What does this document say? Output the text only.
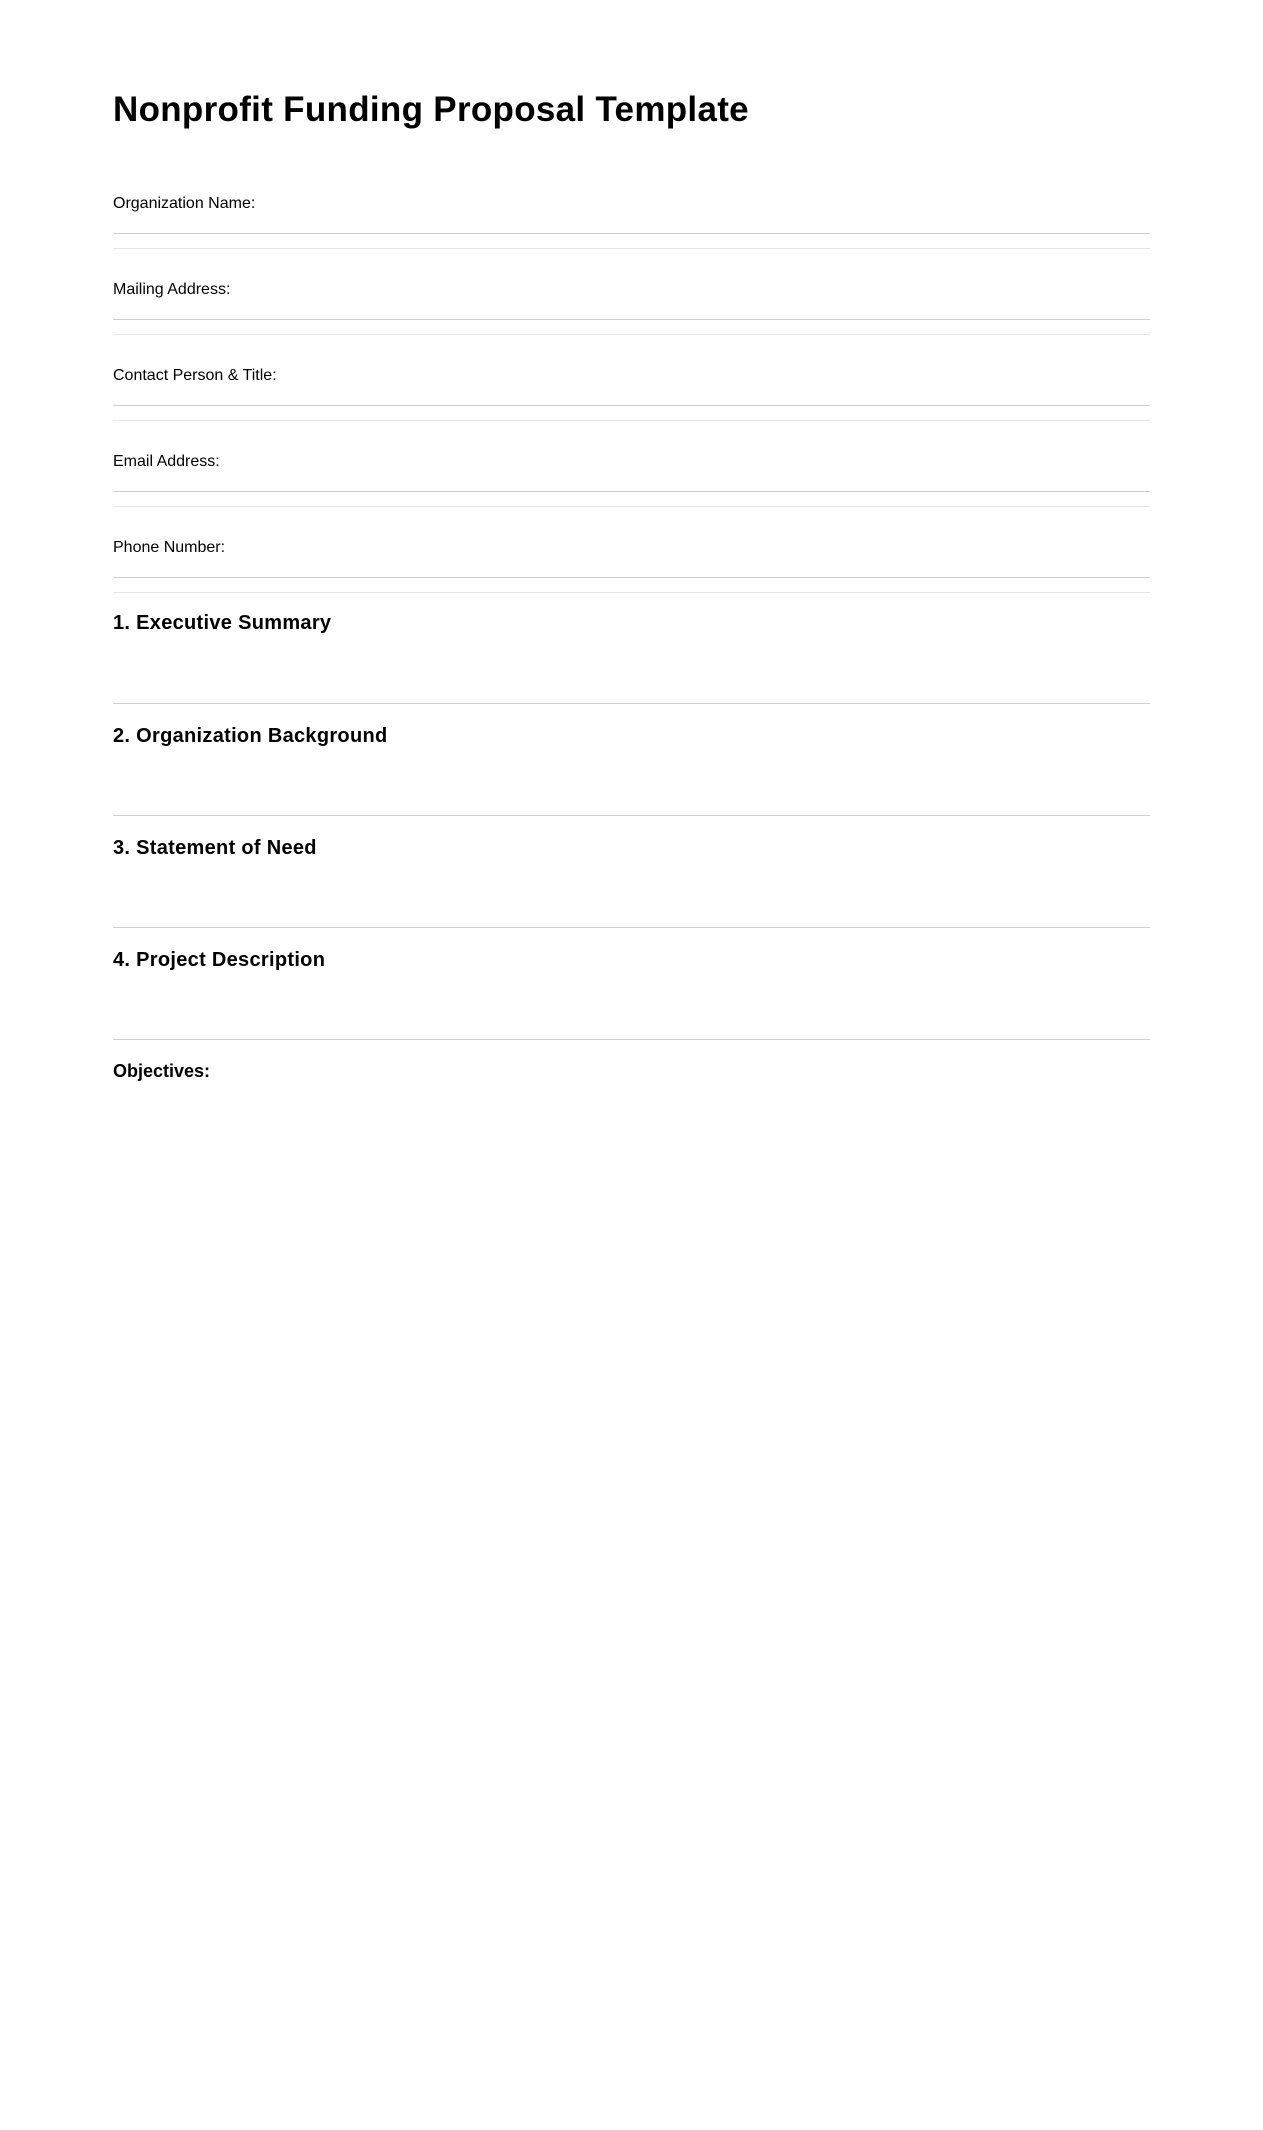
Nonprofit Funding Proposal Template
Organization Name:
Mailing Address:
Contact Person & Title:
Email Address:
Phone Number:
1. Executive Summary
2. Organization Background
3. Statement of Need
4. Project Description
Objectives:
